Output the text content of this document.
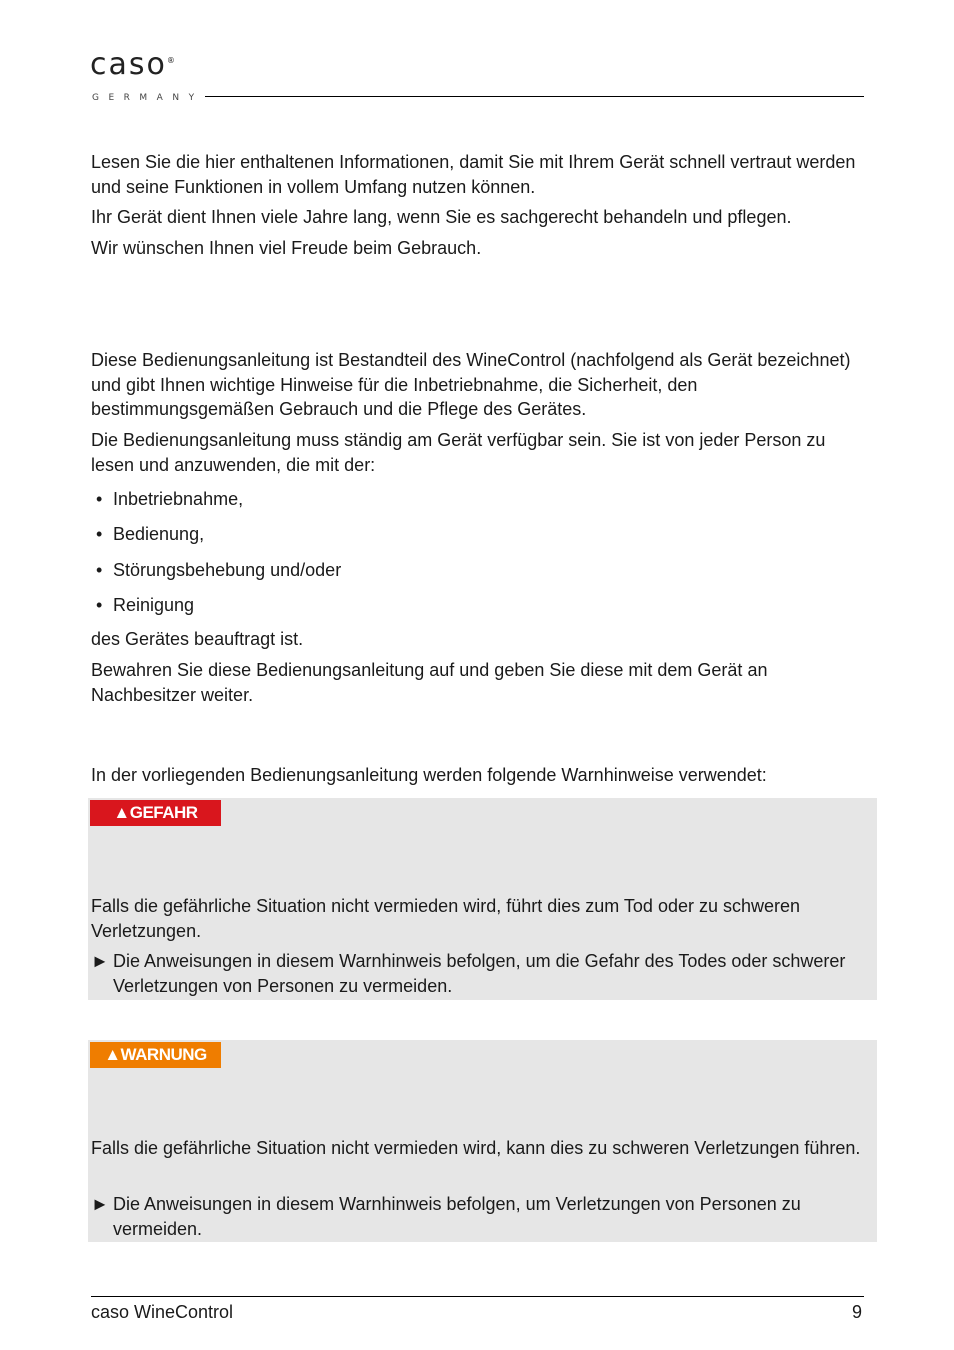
caso®
GERMANY

Lesen Sie die hier enthaltenen Informationen, damit Sie mit Ihrem Gerät schnell vertraut werden und seine Funktionen in vollem Umfang nutzen können.

Ihr Gerät dient Ihnen viele Jahre lang, wenn Sie es sachgerecht behandeln und pflegen.

Wir wünschen Ihnen viel Freude beim Gebrauch.

Diese Bedienungsanleitung ist Bestandteil des WineControl (nachfolgend als Gerät bezeichnet) und gibt Ihnen wichtige Hinweise für die Inbetriebnahme, die Sicherheit, den bestimmungsgemäßen Gebrauch und die Pflege des Gerätes.

Die Bedienungsanleitung muss ständig am Gerät verfügbar sein. Sie ist von jeder Person zu lesen und anzuwenden, die mit der:

• Inbetriebnahme,
• Bedienung,
• Störungsbehebung und/oder
• Reinigung

des Gerätes beauftragt ist.

Bewahren Sie diese Bedienungsanleitung auf und geben Sie diese mit dem Gerät an Nachbesitzer weiter.

In der vorliegenden Bedienungsanleitung werden folgende Warnhinweise verwendet:

▲GEFAHR

Falls die gefährliche Situation nicht vermieden wird, führt dies zum Tod oder zu schweren Verletzungen.

► Die Anweisungen in diesem Warnhinweis befolgen, um die Gefahr des Todes oder schwerer Verletzungen von Personen zu vermeiden.
▲WARNUNG

Falls die gefährliche Situation nicht vermieden wird, kann dies zu schweren Verletzungen führen.

► Die Anweisungen in diesem Warnhinweis befolgen, um Verletzungen von Personen zu vermeiden.
caso WineControl	9
